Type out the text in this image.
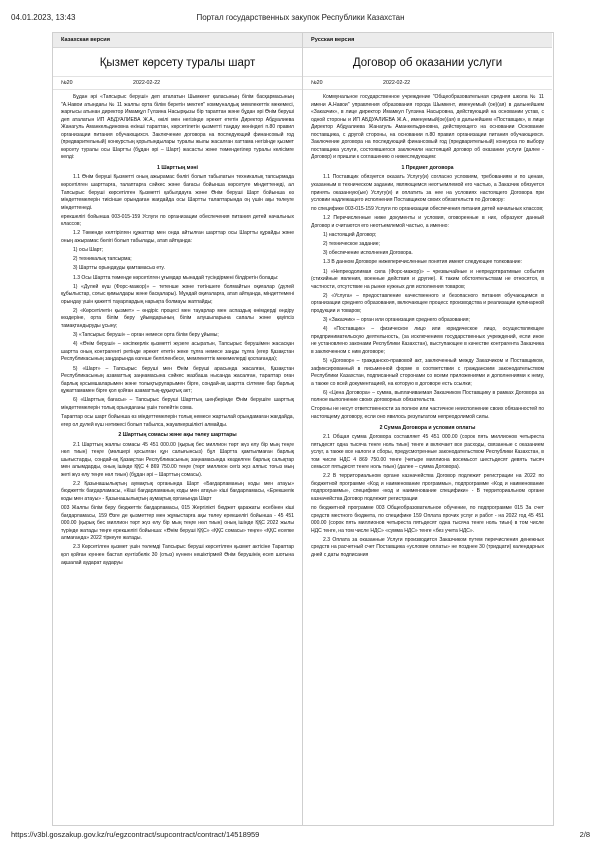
04.01.2023, 13:43	Портал государственных закупок Республики Казахстан
Казахская версия
Қызмет көрсету туралы шарт
№20	2022-02-22

Бұдан әрі «Тапсырыс беруші» деп аталатын Шымкент қаласының білім басқармасының "А.Навои атындағы № 11 жалпы орта білім беретін мектеп" коммуналдық мемлекеттік мекемесі, жарғысы атынан директор Имамқұл Гүлзина Насырқызы бір тараптан және бұдан әрі Өнім беруші деп аталатын ИП АБДУАЛИЕВА Ж.А., өкілі мен негізінде әрекет ететін Директор Абдуалиева Жанагуль Аманкельдиновна екінші тараптан, көрсетілетін қызметті таңдау жөніндегі п.80 правил организации питания обучающихся. Заключение договора на последующий финансовый год (предварительный) конкурстың қорытындылары туралы жылы жасалған хаттама негізінде қызмет көрсету туралы осы Шартты (бұдан әрі – Шарт) жасасты және төмендегілер туралы келісімге келді:

1 Шарттың мәні

1.1 Өнім беруші Қызметті оның ажырамас бөлігі болып табылатын техникалық тапсырмада көрсетілген шарттарға, талаптарға сәйкес және бағасы бойынша көрсетуге міндеттенеді, ал Тапсырыс беруші көрсетілген Қызметті қабылдауға және Өнім беруші Шарт бойынша өз міндеттемелерін тиісінше орындаған жағдайда осы Шартты талаптарында оң үшін ақы төлеуге міндеттенеді.

ерекшелігі бойынша 003-015-159 Услуги по организации обеспечения питания детей начальных классов;

1.2 Төменде келтірілген құжаттар мен онда айтылған шарттар осы Шартты құрайды және оның ажырамас бөлігі болып табылады, атап айтқанда:

1) осы Шарт;

2) техникалық тапсырма;

3) Шартты орындауды қамтамасыз ету.

1.3 Осы Шартта төменде көрсетілген ұғымдар мынадай түсіндірмені білдіретін болады:

1) «Дүлей күш (Форс-мажор)» – тетенше және төтіншеге болмайтын оқиғалар (дүлей құбылыстар, соғыс қимылдары және басқалары). Мұндай оқиғаларға, атап айтқанда, міндеттеменi орындау үшін қажетті тауарлардың нарықта болмауы жатпайды;

2) «Көрсетілетін қызмет» – өндiрiс процесі мен тауарлар мен аспаздық өнімдердi өндiру көздерiне, орта бiлiм беру ұйымдарының бiлiм алушыларына сапалы және қауіпсіз тамақтандыруды ұсыну;

3) «Тапсырыс беруші» – орган немесе орта бiлiм беру ұйымы;

4) «Өнім беруші» – кәсіпкерлік қызметті жүзеге асыратын, Тапсырыс берушімен жасасқан шартта оның контрагенті ретінде әрекет ететін жеке тұлға немесе заңды тұлға (егер Қазақстан Республикасының заңдарында өзгеше белгіленбесе, мемлекеттік мекемелерді қоспағанда);

5) «Шарт» – Тапсырыс беруші мен Өнім беруші арасында жасалған, Қазақстан Республикасының азаматтық заңнамасына сәйкес жазбаша нысанда жасалған, тараптар оған барлық қосымшаларымен және толықтыруларымен бірге, сондай-ақ шартта сілтеме бар барлық құжаттамамен бірге қол қойған азаматтық-құқықтық акт;

6) «Шарттың бағасы» – Тапсырыс беруші Шарттың шеңберінде Өнім берушіге шарттық міндеттемелерін толық орындағаны үшін төлейтін сома.

Тараптар осы шарт бойынша өз міндеттемелерін толық немесе жартылай орындамаған жағдайда, егер ол дүлей күш нәтижесі болып табылса, жауапкершілікті алмайды.

2 Шарттың сомасы және ақы төлеу шарттары

2.1 Шарттың жалпы сомасы 45 451 000.00 (қырық бес миллион төрт жүз елу бір мың теңге нөл тиын) теңге (мөлшері қосылған құн салығынсыз) бұл Шартта қамтылмаған барлық шығыстарды, сондай-ақ Қазақстан Республикасының заңнамасында көзделген барлық салықтар мен алымдарды, оның ішінде ҚҚС 4 869 750.00 теңге (төрт миллион сегіз жүз алпыс тоғыз мың жеті жүз елу теңге нөл тиын) (бұдан әрі – Шарттың сомасы).

2.2 Қазынашылықтың аумақтық органында Шарт «Бағдарламаның коды мен атауы» бюджеттік бағдарламасы, «Кіші бағдарламаның коды мен атауы» кіші бағдарламасы, «Ерекшелік коды мен атауы» - Қазынашылықтың аумақтық органында Шарт

003 Жалпы білім беру бюджеттік бағдарламасы, 015 Жергілікті бюджет қаражаты есебінен кіші бағдарламасы, 159 Өзге де қызметтер мен жұмыстарға ақы төлеу ерекшелігі бойынша - 45 451 000.00 (қырық бес миллион төрт жүз елу бір мың теңге нөл тиын) оның ішінде ҚҚС 2022 жылы түрінде жатады теңге ерекшелігі бойынша: «Өнім беруші ҚҚС» «ҚҚС сомасы» теңге» «ҚҚС есепке алмағанда» 2022 тіркеуге жатады.

2.3 Көрсетілген қызмет үшін төлемді Тапсырыс беруші көрсетілген қызмет актісіне Тараптар қол қойған күннен бастап күнтізбелік 30 (отыз) күннен кешіктірмей Өнім берушінің есеп шотына ақшалай аударат аударуы

Русская версия
Договор об оказании услуги
№20	2022-02-22

Коммунальное государственное учреждение "Общеобразовательная средняя школа № 11 имени А.Навои" управления образования города Шымкент, именуемый (ое)(ая) в дальнейшем «Заказчик», в лице директор Имамкул Гулзина Насыровна, действующий на основании устав, с одной стороны и ИП АБДУАЛИЕВА Ж.А., именуемый(ое)(ая) в дальнейшем «Поставщик», в лице Директор Абдуалиева Жанагуль Аманкельдиновна, действующего на основании Основание поставщика, с другой стороны, на основании п.80 правил организации питания обучающихся. Заключение договора на последующий финансовый год (предварительный) конкурса по выбору поставщика услуги, состоявшегося заключили настоящий договор об оказании услуги (далее - Договор) и пришли к соглашению о нижеследующем:

1 Предмет договора

1.1 Поставщик обязуется оказать Услугу(и) согласно условиям, требованиям и по ценам, указанным в техническом задании, являющемся неотъемлемой его частью, а Заказчик обязуется принять оказанную(ые) Услугу(и) и оплатить за нее на условиях настоящего Договора при условии надлежащего исполнения Поставщиком своих обязательств по Договору:

по специфике 003-015-159 Услуги по организации обеспечения питания детей начальных классов;

1.2 Перечисленные ниже документы и условия, оговоренные в них, образуют данный Договор и считаются его неотъемлемой частью, а именно:

1) настоящий Договор;

2) техническое задание;

3) обеспечение исполнения Договора.

1.3 В данном Договоре нижеперечисленные понятия имеют следующее толкование:

1) «Непреодолимая сила (Форс-мажор)» – чрезвычайные и непредотвратимые события (стихийные явления, военные действия и другие). К таким обстоятельствам не относятся, в частности, отсутствие на рынке нужных для исполнения товаров;

2) «Услуга» – предоставление качественного и безопасного питания обучающимся в организации среднего образования, включающее процесс производства и реализации кулинарной продукции и товаров;

3) «Заказчик» – орган или организация среднего образования;

4) «Поставщик» – физическое лицо или юридическое лицо, осуществляющее предпринимательскую деятельность, (за исключением государственных учреждений, если иное не установлено законами Республики Казахстан), выступающее в качестве контрагента Заказчика в заключенном с ним договоре;

5) «Договор» – гражданско-правовой акт, заключенный между Заказчиком и Поставщиком, зафиксированный в письменной форме в соответствии с гражданским законодательством Республики Казахстан, подписанный сторонами со всеми приложениями и дополнениями к нему, а также со всей документацией, на которую в договоре есть ссылки;

6) «Цена Договора» – сумма, выплачиваемая Заказчиком Поставщику в рамках Договора за полное выполнение своих договорных обязательств.

Стороны не несут ответственности за полное или частичное неисполнение своих обязанностей по настоящему договору, если оно явилось результатом непреодолимой силы.

2 Сумма Договора и условия оплаты

2.1 Общая сумма Договора составляет 45 451 000.00 (сорок пять миллионов четыреста пятьдесят одна тысяча тенге ноль тиын) тенге и включает все расходы, связанные с оказанием услуг, а также все налоги и сборы, предусмотренные законодательством Республики Казахстан, в том числе НДС 4 869 750.00 тенге (четыре миллиона восемьсот шестьдесят девять тысяч семьсот пятьдесят тенге ноль тиын) (далее – сумма Договора).

2.2 В территориальном органе казначейства Договор подлежит регистрации на 2022 по бюджетной программе «Код и наименование программы», подпрограмме «Код и наименование подпрограммы», специфике «код и наименование специфики» - В территориальном органе казначейства Договор подлежит регистрации

по бюджетной программе 003 Общеобразовательное обучение, по подпрограмме 015 За счет средств местного бюджета, по специфике 159 Оплата прочих услуг и работ - на 2022 год 45 451 000.00 (сорок пять миллионов четыреста пятьдесят одна тысяча тенге ноль тиын) в том числе НДС тенге, на том числе НДС» «сумма НДС» тенге «без учета НДС».

2.3 Оплата за оказанные Услуги производится Заказчиком путем перечисления денежных средств на расчетный счет Поставщика «условие оплаты» не позднее 30 (тридцати) календарных дней с даты подписания

https://v3bl.goszakup.gov.kz/ru/egzcontract/supcontract/contract/14518959	2/8
